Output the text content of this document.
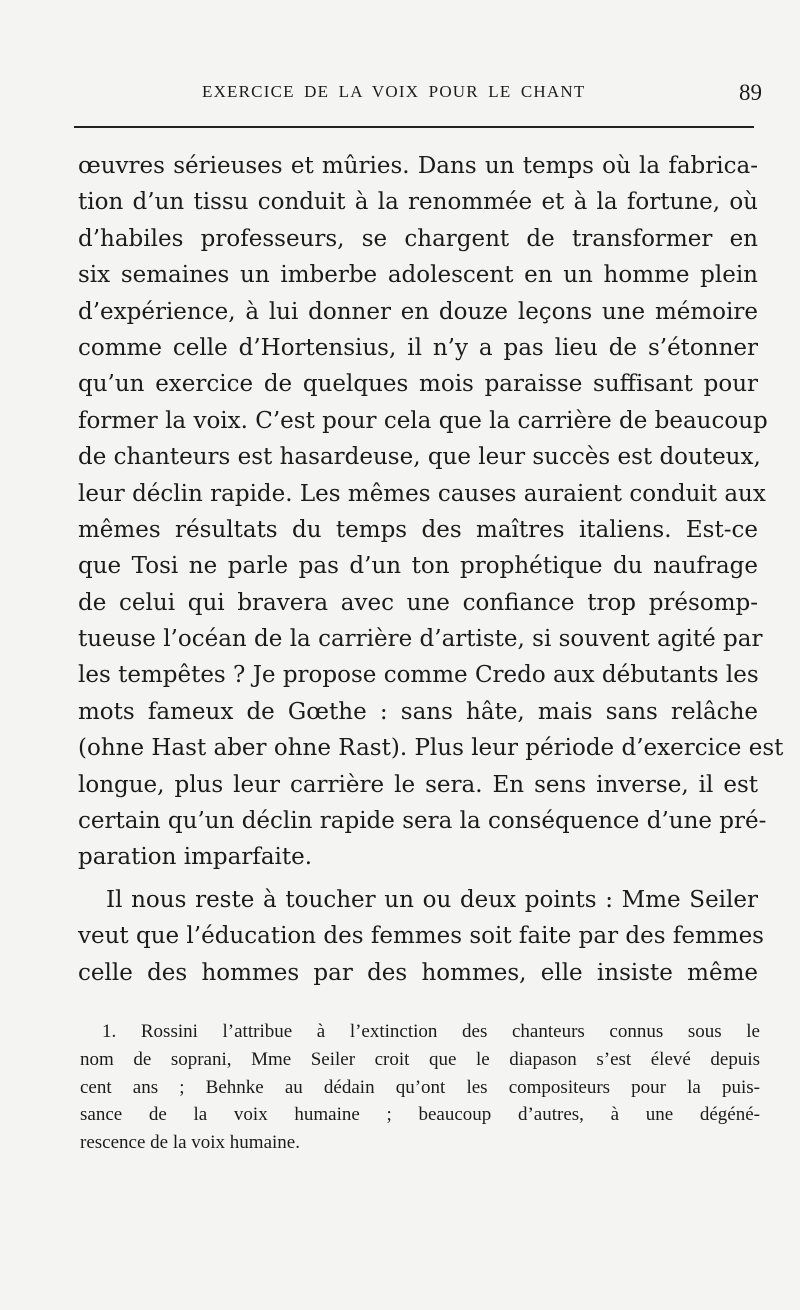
EXERCICE DE LA VOIX POUR LE CHANT	89
œuvres sérieuses et mûries. Dans un temps où la fabrica-
tion d’un tissu conduit à la renommée et à la fortune, où
d’habiles professeurs, se chargent de transformer en
six semaines un imberbe adolescent en un homme plein
d’expérience, à lui donner en douze leçons une mémoire
comme celle d’Hortensius, il n’y a pas lieu de s’étonner
qu’un exercice de quelques mois paraisse suffisant pour
former la voix. C’est pour cela que la carrière de beaucoup
de chanteurs est hasardeuse, que leur succès est douteux,
leur déclin rapide. Les mêmes causes auraient conduit aux
mêmes résultats du temps des maîtres italiens. Est-ce
que Tosi ne parle pas d’un ton prophétique du naufrage
de celui qui bravera avec une confiance trop présomp-
tueuse l’océan de la carrière d’artiste, si souvent agité par
les tempêtes ? Je propose comme Credo aux débutants les
mots fameux de Gœthe : sans hâte, mais sans relâche
(ohne Hast aber ohne Rast). Plus leur période d’exercice est
longue, plus leur carrière le sera. En sens inverse, il est
certain qu’un déclin rapide sera la conséquence d’une pré-
paration imparfaite.
Il nous reste à toucher un ou deux points : Mme Seiler
veut que l’éducation des femmes soit faite par des femmes
celle des hommes par des hommes, elle insiste même
1. Rossini l’attribue à l’extinction des chanteurs connus sous le
nom de soprani, Mme Seiler croit que le diapason s’est élevé depuis
cent ans ; Behnke au dédain qu’ont les compositeurs pour la puis-
sance de la voix humaine ; beaucoup d’autres, à une dégéné-
rescence de la voix humaine.
